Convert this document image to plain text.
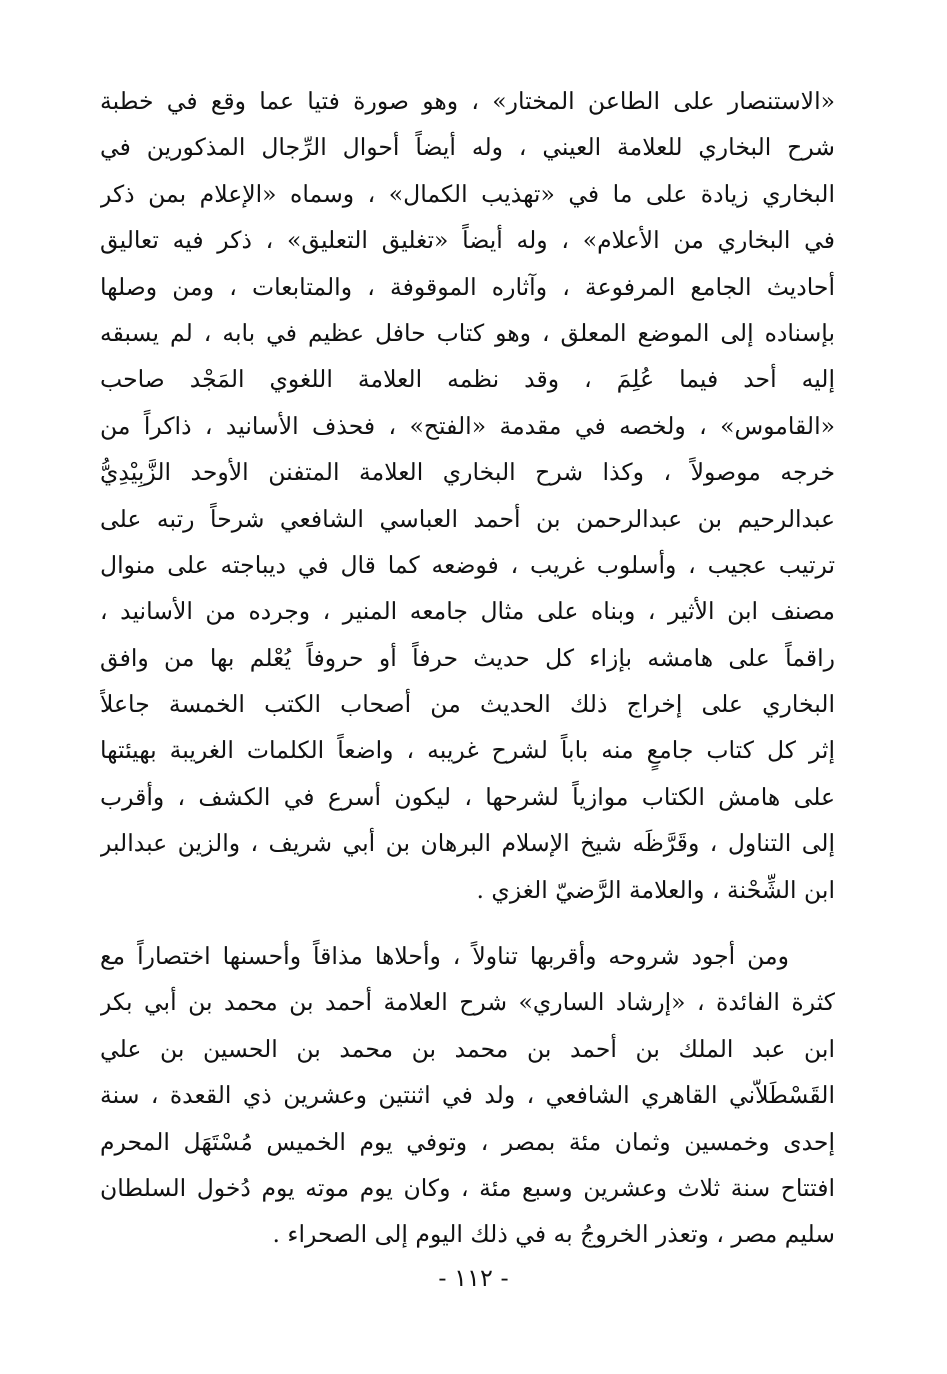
«الاستنصار على الطاعن المختار» ، وهو صورة فتيا عما وقع في خطبة
شرح البخاري للعلامة العيني ، وله أيضاً أحوال الرِّجال المذكورين في
البخاري زيادة على ما في «تهذيب الكمال» ، وسماه «الإعلام بمن ذكر
في البخاري من الأعلام» ، وله أيضاً «تغليق التعليق» ، ذكر فيه تعاليق
أحاديث الجامع المرفوعة ، وآثاره الموقوفة ، والمتابعات ، ومن وصلها
بإسناده إلى الموضع المعلق ، وهو كتاب حافل عظيم في بابه ، لم يسبقه
إليه أحد فيما عُلِمَ ، وقد نظمه العلامة اللغوي المَجْد صاحب
«القاموس» ، ولخصه في مقدمة «الفتح» ، فحذف الأسانيد ، ذاكراً من
خرجه موصولاً ، وكذا شرح البخاري العلامة المتفنن الأوحد الزَّبِيْدِيُّ
عبدالرحيم بن عبدالرحمن بن أحمد العباسي الشافعي شرحاً رتبه على
ترتيب عجيب ، وأسلوب غريب ، فوضعه كما قال في ديباجته على منوال
مصنف ابن الأثير ، وبناه على مثال جامعه المنير ، وجرده من الأسانيد ،
راقماً على هامشه بإزاء كل حديث حرفاً أو حروفاً يُعْلم بها من وافق
البخاري على إخراج ذلك الحديث من أصحاب الكتب الخمسة جاعلاً
إثر كل كتاب جامعٍ منه باباً لشرح غريبه ، واضعاً الكلمات الغريبة بهيئتها
على هامش الكتاب موازياً لشرحها ، ليكون أسرع في الكشف ، وأقرب
إلى التناول ، وقَرَّظَه شيخ الإسلام البرهان بن أبي شريف ، والزين عبدالبر
ابن الشِّحْنة ، والعلامة الرَّضيّ الغزي .
ومن أجود شروحه وأقربها تناولاً ، وأحلاها مذاقاً وأحسنها اختصاراً مع
كثرة الفائدة ، «إرشاد الساري» شرح العلامة أحمد بن محمد بن أبي بكر
ابن عبد الملك بن أحمد بن محمد بن محمد بن الحسين بن علي
القَسْطَلاّني القاهري الشافعي ، ولد في اثنتين وعشرين ذي القعدة ، سنة
إحدى وخمسين وثمان مئة بمصر ، وتوفي يوم الخميس مُسْتَهَل المحرم
افتتاح سنة ثلاث وعشرين وسبع مئة ، وكان يوم موته يوم دُخول السلطان
سليم مصر ، وتعذر الخروجُ به في ذلك اليوم إلى الصحراء .
- ١١٢ -
